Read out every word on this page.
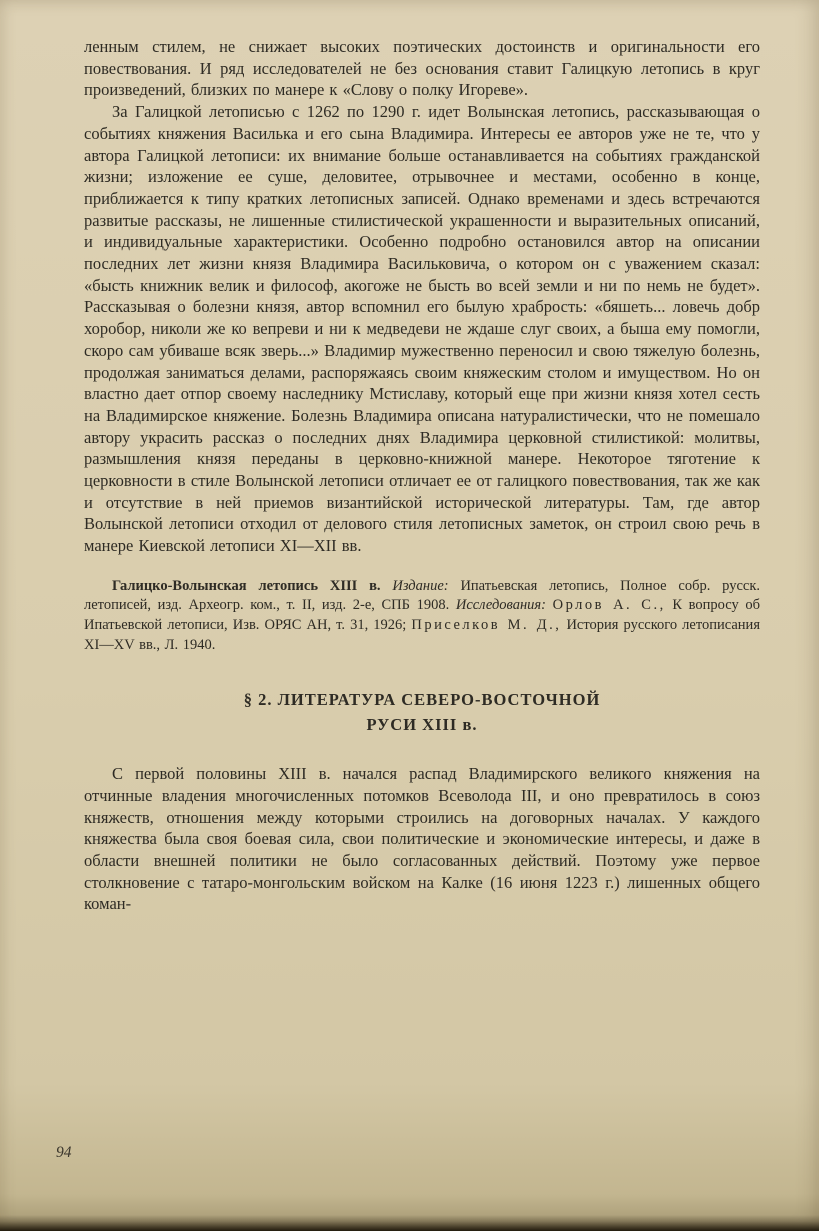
ленным стилем, не снижает высоких поэтических достоинств и оригинальности его повествования. И ряд исследователей не без основания ставит Галицкую летопись в круг произведений, близких по манере к «Слову о полку Игореве».

За Галицкой летописью с 1262 по 1290 г. идет Волынская летопись, рассказывающая о событиях княжения Василька и его сына Владимира. Интересы ее авторов уже не те, что у автора Галицкой летописи: их внимание больше останавливается на событиях гражданской жизни; изложение ее суше, деловитее, отрывочнее и местами, особенно в конце, приближается к типу кратких летописных записей. Однако временами и здесь встречаются развитые рассказы, не лишенные стилистической украшенности и выразительных описаний, и индивидуальные характеристики. Особенно подробно остановился автор на описании последних лет жизни князя Владимира Васильковича, о котором он с уважением сказал: «бысть книжник велик и философ, акогоже не бысть во всей земли и ни по немь не будет». Рассказывая о болезни князя, автор вспомнил его былую храбрость: «бяшеть... ловечь добр хоробор, николи же ко вепреви и ни к медведеви не ждаше слуг своих, а быша ему помогли, скоро сам убиваше всяк зверь...» Владимир мужественно переносил и свою тяжелую болезнь, продолжая заниматься делами, распоряжаясь своим княжеским столом и имуществом. Но он властно дает отпор своему наследнику Мстиславу, который еще при жизни князя хотел сесть на Владимирское княжение. Болезнь Владимира описана натуралистически, что не помешало автору украсить рассказ о последних днях Владимира церковной стилистикой: молитвы, размышления князя переданы в церковно-книжной манере. Некоторое тяготение к церковности в стиле Волынской летописи отличает ее от галицкого повествования, так же как и отсутствие в ней приемов византийской исторической литературы. Там, где автор Волынской летописи отходил от делового стиля летописных заметок, он строил свою речь в манере Киевской летописи XI—XII вв.

Галицко-Волынская летопись XIII в. Издание: Ипатьевская летопись, Полное собр. русск. летописей, изд. Археогр. ком., т. II, изд. 2-е, СПБ 1908. Исследования: Орлов А. С., К вопросу об Ипатьевской летописи, Изв. ОРЯС АН, т. 31, 1926; Приселков М. Д., История русского летописания XI—XV вв., Л. 1940.

§ 2. ЛИТЕРАТУРА СЕВЕРО-ВОСТОЧНОЙ
РУСИ XIII в.

С первой половины XIII в. начался распад Владимирского великого княжения на отчинные владения многочисленных потомков Всеволода III, и оно превратилось в союз княжеств, отношения между которыми строились на договорных началах. У каждого княжества была своя боевая сила, свои политические и экономические интересы, и даже в области внешней политики не было согласованных действий. Поэтому уже первое столкновение с татаро-монгольским войском на Калке (16 июня 1223 г.) лишенных общего коман-

94
